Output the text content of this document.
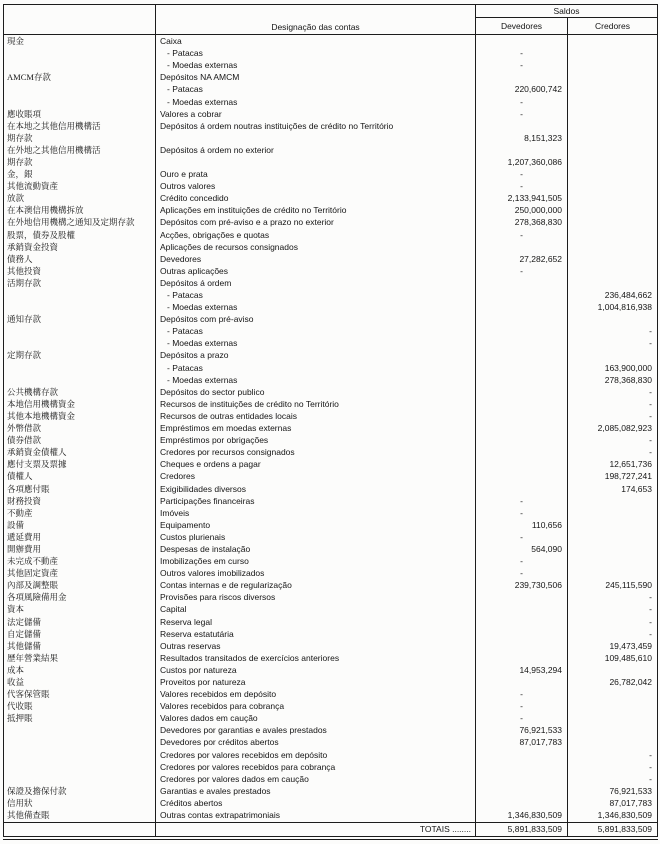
	Designação das contas	Saldos	
		Devedores	Credores
現金	Caixa		
	- Patacas	-	
	- Moedas externas	-	
AMCM存款	Depósitos NA AMCM		
	- Patacas	220,600,742	
	- Moedas externas	-	
應收賬項	Valores a cobrar	-	
在本地之其他信用機構活	Depósitos á ordem noutras instituições de crédito no Território		
期存款		8,151,323	
在外地之其他信用機構活	Depósitos á ordem no exterior		
期存款		1,207,360,086	
金，銀	Ouro e prata	-	
其他流動資產	Outros valores	-	
放款	Crédito concedido	2,133,941,505	
在本澳信用機構拆放	Aplicações em instituições de crédito no Território	250,000,000	
在外地信用機構之通知及定期存款	Depósitos com pré-aviso e a prazo no exterior	278,368,830	
股票，債券及股權	Acções, obrigações e quotas	-	
承銷資金投資	Aplicações de recursos consignados		
債務人	Devedores	27,282,652	
其他投資	Outras aplicações	-	
活期存款	Depósitos á ordem		
	- Patacas		236,484,662
	- Moedas externas		1,004,816,938
通知存款	Depósitos com pré-aviso		
	- Patacas		-
	- Moedas externas		-
定期存款	Depósitos a prazo		
	- Patacas		163,900,000
	- Moedas externas		278,368,830
公共機構存款	Depósitos do sector publico		-
本地信用機構資金	Recursos de instituições de crédito no Território		-
其他本地機構資金	Recursos de outras entidades locais		-
外幣借款	Empréstimos em moedas externas		2,085,082,923
債券借款	Empréstimos por obrigações		-
承銷資金債權人	Credores por recursos consignados		-
應付支票及票據	Cheques e ordens a pagar		12,651,736
債權人	Credores		198,727,241
各項應付賬	Exigibilidades diversos		174,653
財務投資	Participações financeiras	-	
不動產	Imóveis	-	
設備	Equipamento	110,656	
遞延費用	Custos plurienais	-	
開辦費用	Despesas de instalação	564,090	
未完成不動產	Imobilizações em curso	-	
其他固定資產	Outros valores imobilizados	-	
內部及調整賬	Contas internas e de regularização	239,730,506	245,115,590
各項風險備用金	Provisões para riscos diversos		-
資本	Capital		-
法定儲備	Reserva legal		-
自定儲備	Reserva estatutária		-
其他儲備	Outras reservas		19,473,459
歷年營業結果	Resultados transitados de exercícios anteriores		109,485,610
成本	Custos por natureza	14,953,294	
收益	Proveitos por natureza		26,782,042
代客保管賬	Valores recebidos em depósito	-	
代收賬	Valores recebidos para cobrança	-	
抵押賬	Valores dados em caução	-	
	Devedores por garantias e avales prestados	76,921,533	
	Devedores por créditos abertos	87,017,783	
	Credores por valores recebidos em depósito		-
	Credores por valores recebidos para cobrança		-
	Credores por valores dados em caução		-
保證及擔保付款	Garantias e avales prestados		76,921,533
信用狀	Créditos abertos		87,017,783
其他備查賬	Outras contas extrapatrimoniais	1,346,830,509	1,346,830,509
	TOTAIS ........	5,891,833,509	5,891,833,509
